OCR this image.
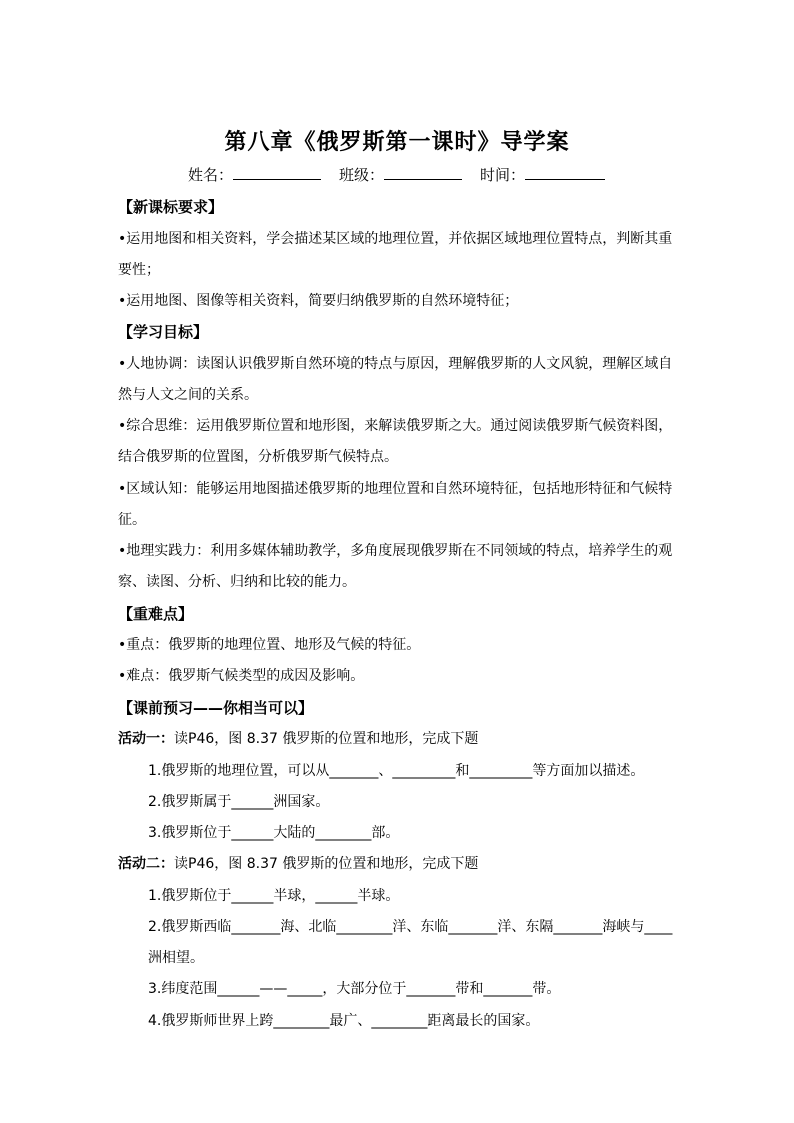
第八章《俄罗斯第一课时》导学案
姓名：	班级：	时间：
【新课标要求】
•运用地图和相关资料，学会描述某区域的地理位置，并依据区域地理位置特点，判断其重
要性；
•运用地图、图像等相关资料，简要归纳俄罗斯的自然环境特征；
【学习目标】
•人地协调：读图认识俄罗斯自然环境的特点与原因，理解俄罗斯的人文风貌，理解区域自
然与人文之间的关系。
•综合思维：运用俄罗斯位置和地形图，来解读俄罗斯之大。通过阅读俄罗斯气候资料图，
结合俄罗斯的位置图，分析俄罗斯气候特点。
•区域认知：能够运用地图描述俄罗斯的地理位置和自然环境特征，包括地形特征和气候特
征。
•地理实践力：利用多媒体辅助教学，多角度展现俄罗斯在不同领域的特点，培养学生的观
察、读图、分析、归纳和比较的能力。
【重难点】
•重点：俄罗斯的地理位置、地形及气候的特征。
•难点：俄罗斯气候类型的成因及影响。
【课前预习——你相当可以】
活动一：读P46，图 8.37 俄罗斯的位置和地形，完成下题
1.俄罗斯的地理位置，可以从_______、_________和_________等方面加以描述。
2.俄罗斯属于______洲国家。
3.俄罗斯位于______大陆的________部。
活动二：读P46，图 8.37 俄罗斯的位置和地形，完成下题
1.俄罗斯位于______半球，______半球。
2.俄罗斯西临_______海、北临________洋、东临_______洋、东隔_______海峡与____
洲相望。
3.纬度范围______——_____，大部分位于_______带和_______带。
4.俄罗斯师世界上跨________最广、________距离最长的国家。
